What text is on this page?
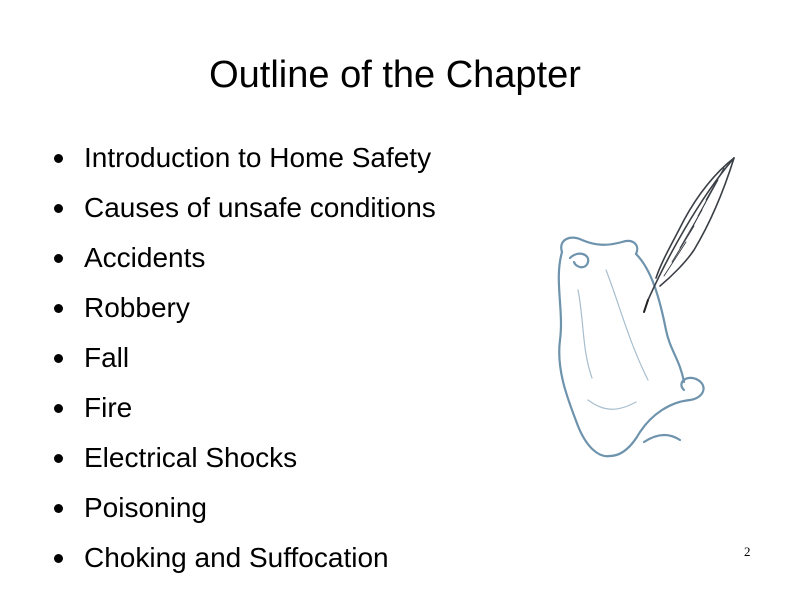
Outline of the Chapter
Introduction to Home Safety
Causes of unsafe conditions
Accidents
Robbery
Fall
Fire
Electrical Shocks
Poisoning
Choking and Suffocation	2
